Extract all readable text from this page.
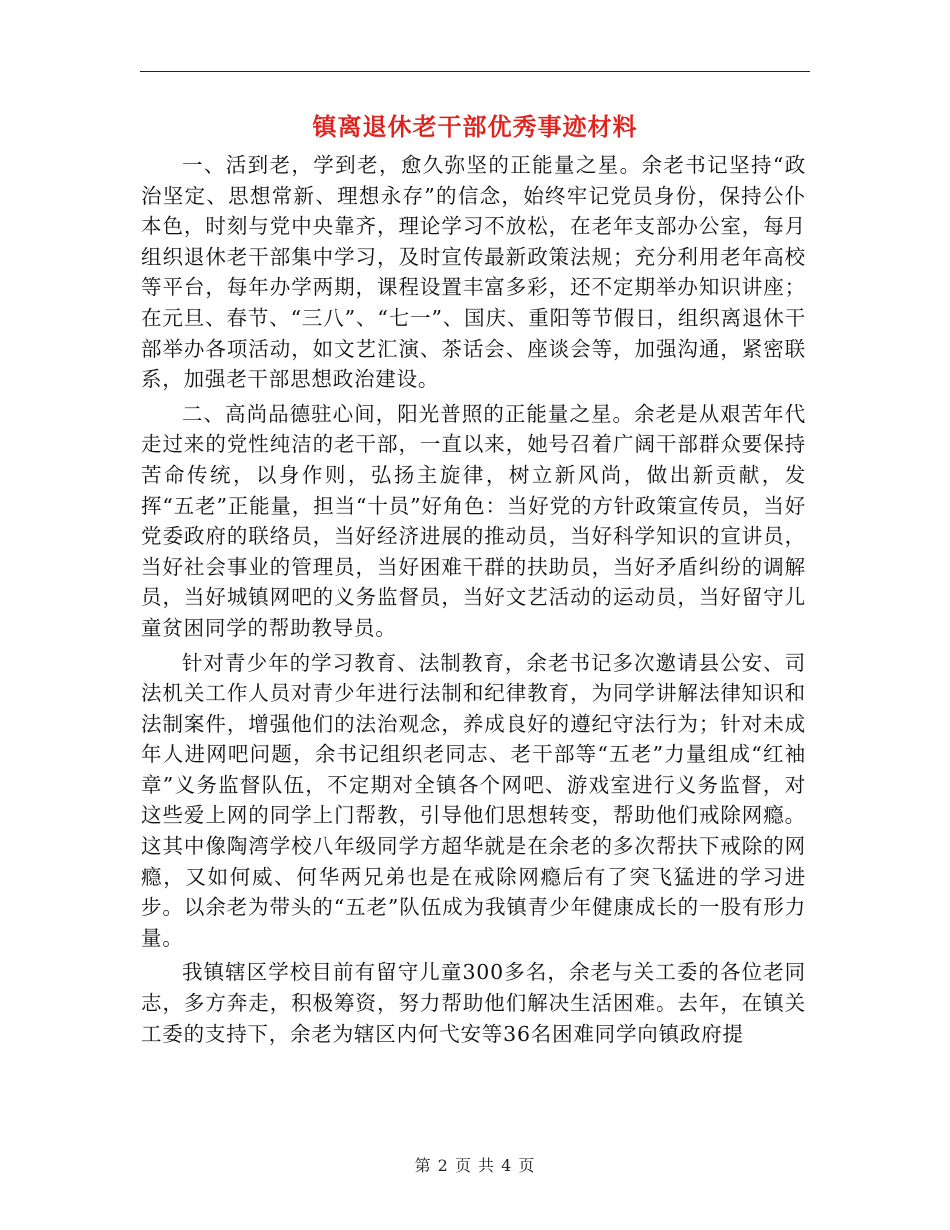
镇离退休老干部优秀事迹材料

一、活到老，学到老，愈久弥坚的正能量之星。余老书记坚持“政治坚定、思想常新、理想永存”的信念，始终牢记党员身份，保持公仆本色，时刻与党中央靠齐，理论学习不放松，在老年支部办公室，每月组织退休老干部集中学习，及时宣传最新政策法规；充分利用老年高校等平台，每年办学两期，课程设置丰富多彩，还不定期举办知识讲座；在元旦、春节、“三八”、“七一”、国庆、重阳等节假日，组织离退休干部举办各项活动，如文艺汇演、茶话会、座谈会等，加强沟通，紧密联系，加强老干部思想政治建设。

二、高尚品德驻心间，阳光普照的正能量之星。余老是从艰苦年代走过来的党性纯洁的老干部，一直以来，她号召着广阔干部群众要保持苦命传统，以身作则，弘扬主旋律，树立新风尚，做出新贡献，发挥“五老”正能量，担当“十员”好角色：当好党的方针政策宣传员，当好党委政府的联络员，当好经济进展的推动员，当好科学知识的宣讲员，当好社会事业的管理员，当好困难干群的扶助员，当好矛盾纠纷的调解员，当好城镇网吧的义务监督员，当好文艺活动的运动员，当好留守儿童贫困同学的帮助教导员。

针对青少年的学习教育、法制教育，余老书记多次邀请县公安、司法机关工作人员对青少年进行法制和纪律教育，为同学讲解法律知识和法制案件，增强他们的法治观念，养成良好的遵纪守法行为；针对未成年人进网吧问题，余书记组织老同志、老干部等“五老”力量组成“红袖章”义务监督队伍，不定期对全镇各个网吧、游戏室进行义务监督，对这些爱上网的同学上门帮教，引导他们思想转变，帮助他们戒除网瘾。这其中像陶湾学校八年级同学方超华就是在余老的多次帮扶下戒除的网瘾，又如何威、何华两兄弟也是在戒除网瘾后有了突飞猛进的学习进步。以余老为带头的“五老”队伍成为我镇青少年健康成长的一股有形力量。

我镇辖区学校目前有留守儿童300多名，余老与关工委的各位老同志，多方奔走，积极筹资，努力帮助他们解决生活困难。去年，在镇关工委的支持下，余老为辖区内何弋安等36名困难同学向镇政府提

第 2 页 共 4 页
